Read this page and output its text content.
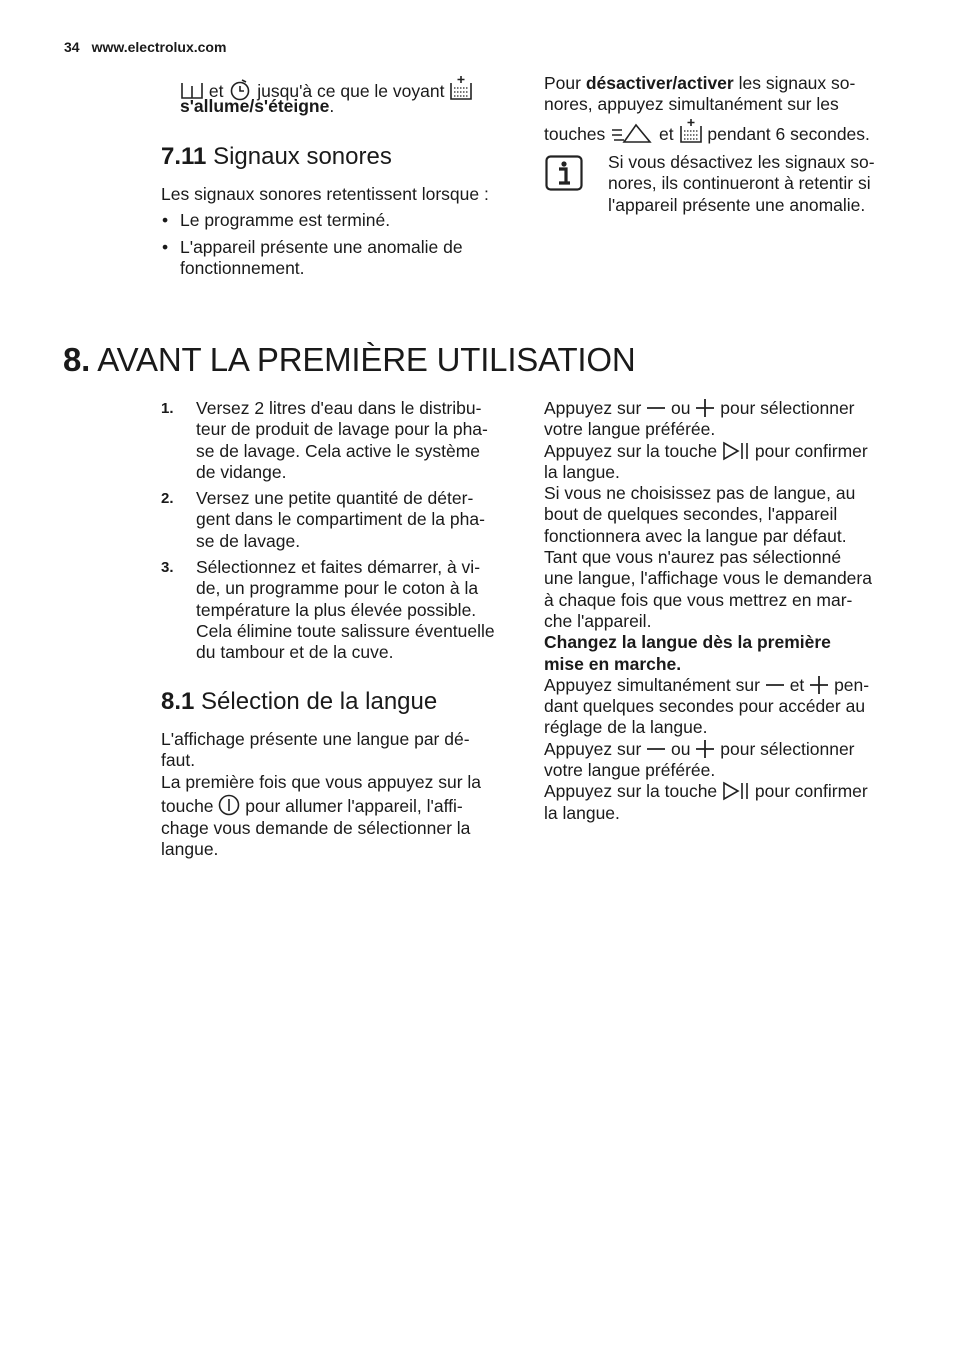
34 www.electrolux.com
et jusqu'à ce que le voyant
s'allume/s'éteigne.
7.11 Signaux sonores

Les signaux sonores retentissent lorsque :

• Le programme est terminé.
• L'appareil présente une anomalie de fonctionnement.
Pour désactiver/activer les signaux so-
nores, appuyez simultanément sur les
touches	et pendant 6 secondes.
Si vous désactivez les signaux so-
nores, ils continueront à retentir si
l'appareil présente une anomalie.
8. AVANT LA PREMIÈRE UTILISATION
1. Versez 2 litres d'eau dans le distribu-
teur de produit de lavage pour la pha-
se de lavage. Cela active le système
de vidange.
2. Versez une petite quantité de déter-
gent dans le compartiment de la pha-
se de lavage.
3. Sélectionnez et faites démarrer, à vi-
de, un programme pour le coton à la
température la plus élevée possible.
Cela élimine toute salissure éventuelle
du tambour et de la cuve.
8.1 Sélection de la langue
L'affichage présente une langue par dé-
faut.
La première fois que vous appuyez sur la
touche pour allumer l'appareil, l'affi-
chage vous demande de sélectionner la
langue.
Appuyez sur ou pour sélectionner
votre langue préférée.
Appuyez sur la touche pour confirmer
la langue.
Si vous ne choisissez pas de langue, au
bout de quelques secondes, l'appareil
fonctionnera avec la langue par défaut.
Tant que vous n'aurez pas sélectionné
une langue, l'affichage vous le demandera
à chaque fois que vous mettrez en mar-
che l'appareil.
Changez la langue dès la première
mise en marche.
Appuyez simultanément sur et pen-
dant quelques secondes pour accéder au
réglage de la langue.
Appuyez sur ou pour sélectionner
votre langue préférée.
Appuyez sur la touche pour confirmer
la langue.
